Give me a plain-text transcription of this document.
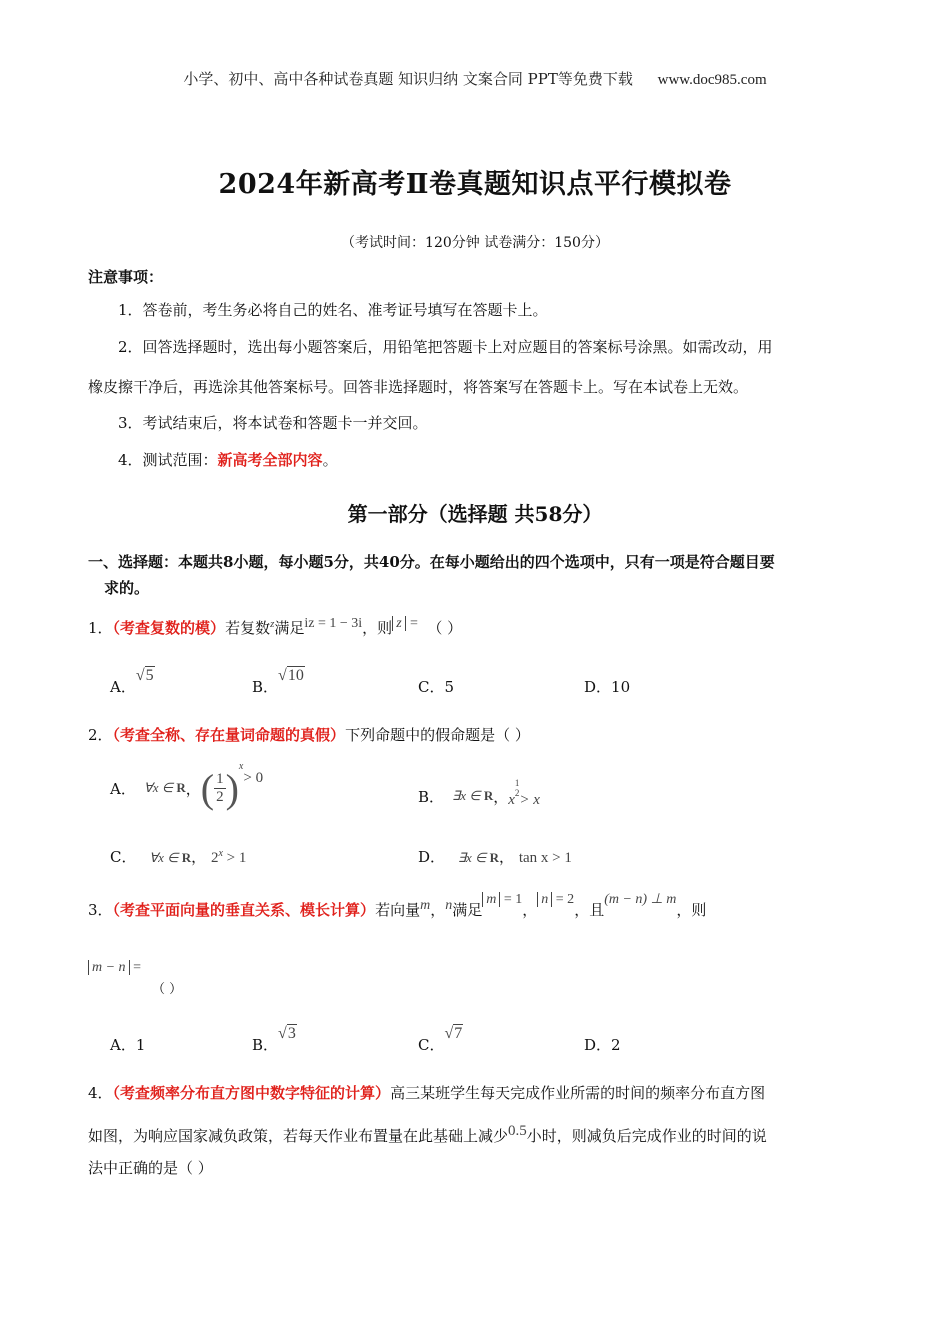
小学、初中、高中各种试卷真题 知识归纳 文案合同 PPT等免费下载 www.doc985.com
2024年新高考Ⅱ卷真题知识点平行模拟卷
（考试时间：120分钟 试卷满分：150分）
注意事项：
1．答卷前，考生务必将自己的姓名、准考证号填写在答题卡上。
2．回答选择题时，选出每小题答案后，用铅笔把答题卡上对应题目的答案标号涂黑。如需改动，用
橡皮擦干净后，再选涂其他答案标号。回答非选择题时，将答案写在答题卡上。写在本试卷上无效。
3．考试结束后，将本试卷和答题卡一并交回。
4．测试范围：新高考全部内容。
第一部分（选择题 共58分）
一、选择题：本题共8小题，每小题5分，共40分。在每小题给出的四个选项中，只有一项是符合题目要
求的。
1．（考查复数的模）若复数$^z$满足$^{iz = 1 - 3i}$，则 $^{z =}$ （ ）
A．√5
B．√10
C．5	D．10
2．（考查全称、存在量词命题的真假）下列命题中的假命题是（ ）
A． ∀x ∈ R ， ( $\frac{1}{2}$ ) x
> 0
B． ∃x ∈ R ， x
1
2 > x
C． ∀x ∈ R， $2^x > 1$	D． ∃x ∈ R， tan x > 1
3．（考查平面向量的垂直关系、模长计算）若向量$^m$，$^n$满足$^{m = 1}$，$^{n = 2}$，且$^{(m - n) \perp m}$，则
m − n =
（ ）
A．1	B．√3
C．√7
D．2
4．（考查频率分布直方图中数字特征的计算）高三某班学生每天完成作业所需的时间的频率分布直方图
如图，为响应国家减负政策，若每天作业布置量在此基础上减少$^{0.5}$小时，则减负后完成作业的时间的说
法中正确的是（ ）
